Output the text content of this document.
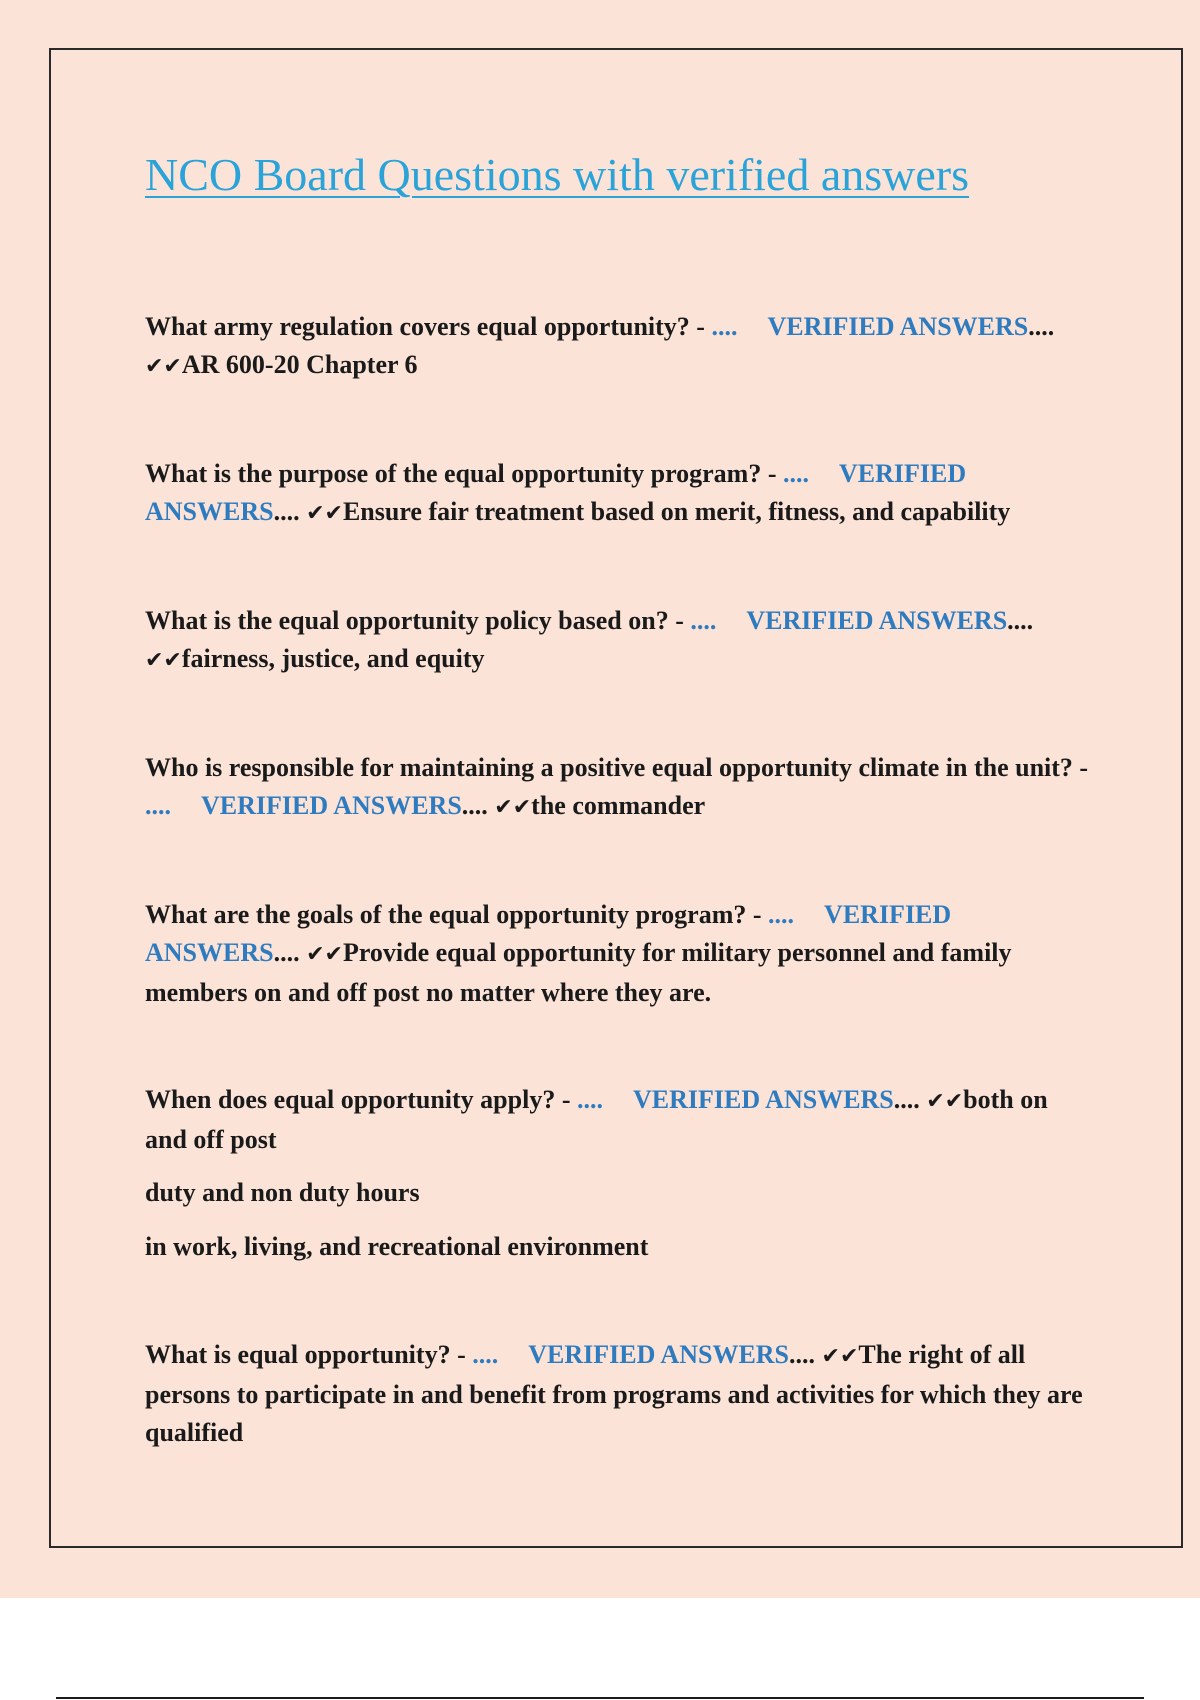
NCO Board Questions with verified answers

What army regulation covers equal opportunity? - .... VERIFIED ANSWERS.... ✔✔AR 600-20 Chapter 6

What is the purpose of the equal opportunity program? - .... VERIFIED ANSWERS.... ✔✔Ensure fair treatment based on merit, fitness, and capability

What is the equal opportunity policy based on? - .... VERIFIED ANSWERS.... ✔✔fairness, justice, and equity

Who is responsible for maintaining a positive equal opportunity climate in the unit? - .... VERIFIED ANSWERS.... ✔✔the commander

What are the goals of the equal opportunity program? - .... VERIFIED ANSWERS.... ✔✔Provide equal opportunity for military personnel and family members on and off post no matter where they are.

When does equal opportunity apply? - .... VERIFIED ANSWERS.... ✔✔both on and off post

duty and non duty hours

in work, living, and recreational environment

What is equal opportunity? - .... VERIFIED ANSWERS.... ✔✔The right of all persons to participate in and benefit from programs and activities for which they are qualified
